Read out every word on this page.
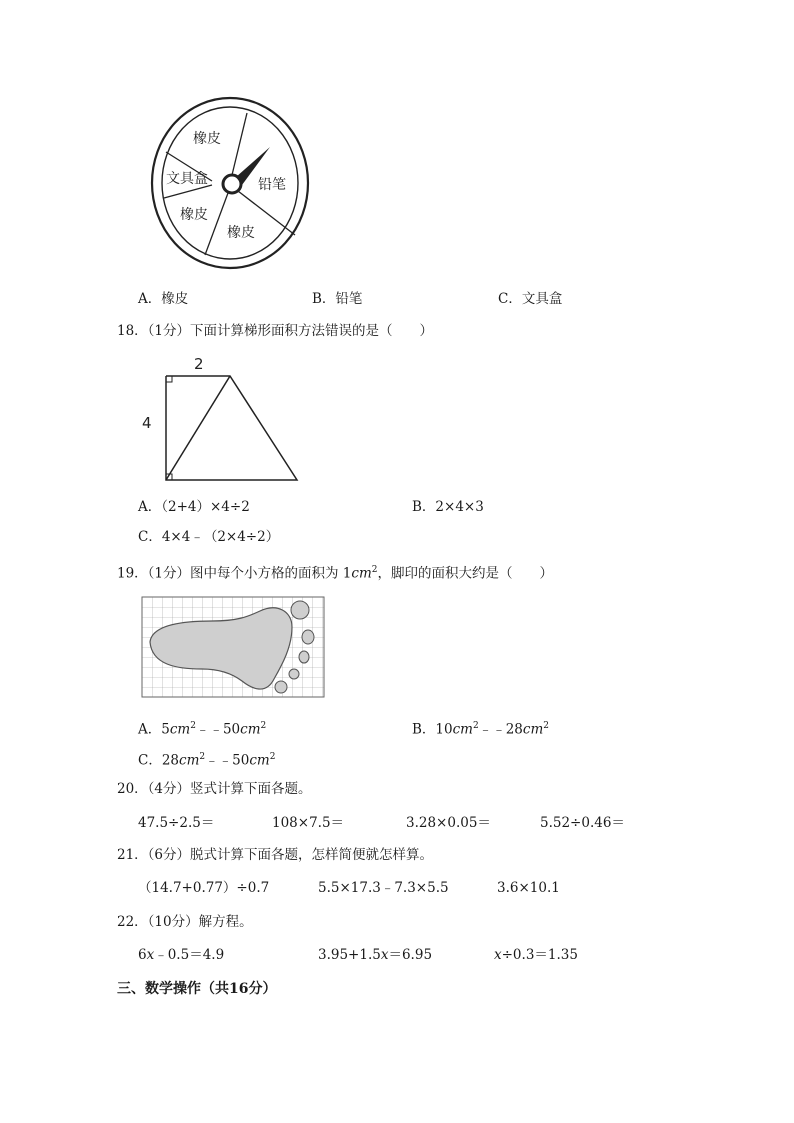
橡皮
铅笔
橡皮
橡皮
文具盒
A．橡皮	B．铅笔	C．文具盒
18．（1分）下面计算梯形面积方法错误的是（　　）
2
4
A．（2+4）×4÷2	B．2×4×3
C．4×4﹣（2×4÷2）
19．（1分）图中每个小方格的面积为 $1cm^2$，脚印的面积大约是（　　）
A．$5cm^2﹣﹣50cm^2$	B．$10cm^2﹣﹣28cm^2$
C．$28cm^2﹣﹣50cm^2$
20．（4分）竖式计算下面各题。
47.5÷2.5＝	108×7.5＝	3.28×0.05＝	5.52÷0.46＝
21．（6分）脱式计算下面各题，怎样简便就怎样算。
（14.7+0.77）÷0.7	5.5×17.3﹣7.3×5.5	3.6×10.1
22．（10分）解方程。
6x﹣0.5＝4.9	3.95+1.5x＝6.95	x÷0.3＝1.35
三、数学操作（共16分）
